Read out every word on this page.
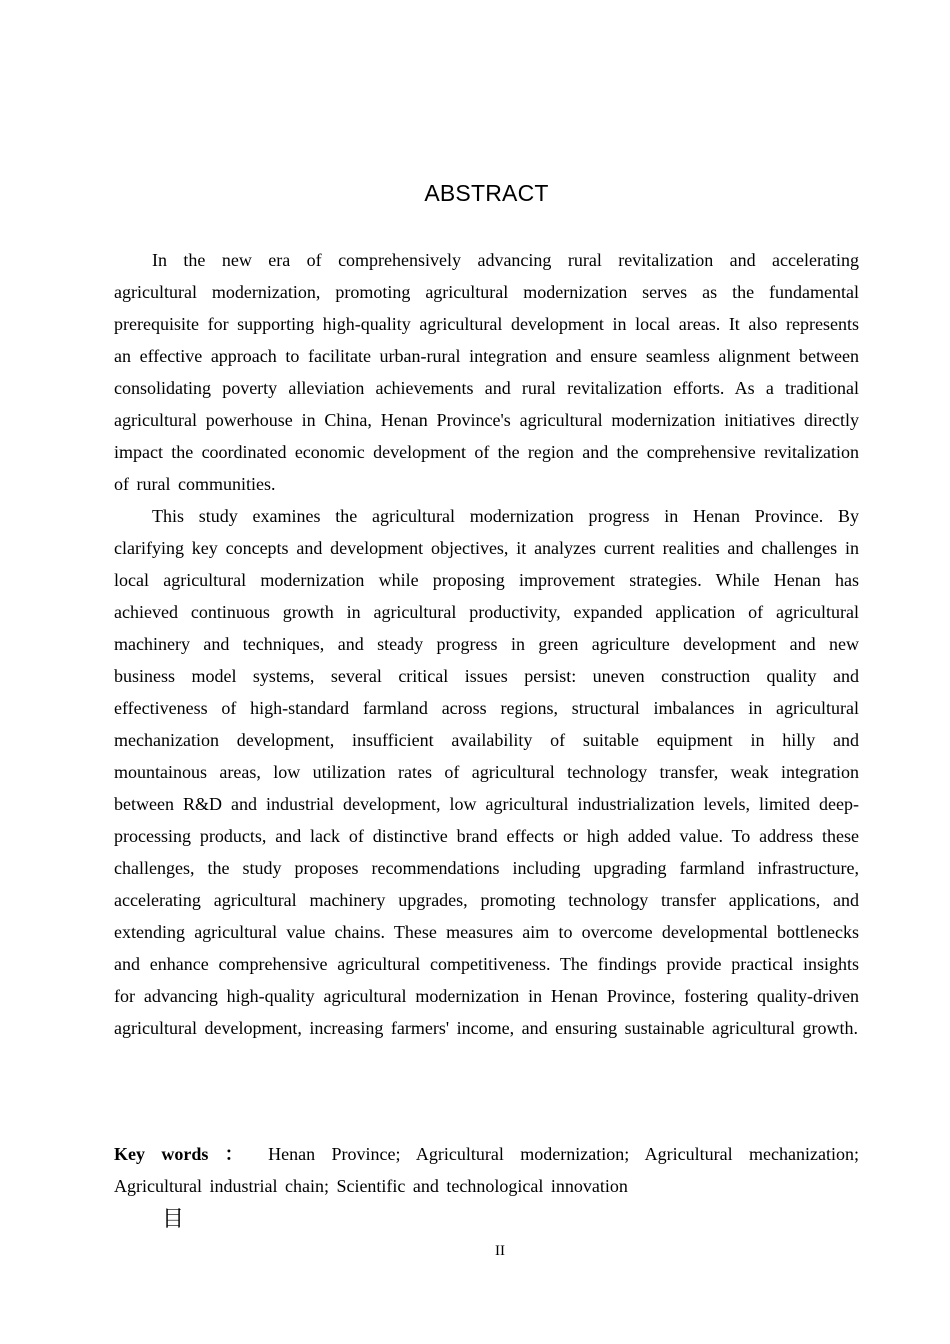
ABSTRACT

In the new era of comprehensively advancing rural revitalization and accelerating agricultural modernization, promoting agricultural modernization serves as the fundamental prerequisite for supporting high-quality agricultural development in local areas. It also represents an effective approach to facilitate urban-rural integration and ensure seamless alignment between consolidating poverty alleviation achievements and rural revitalization efforts. As a traditional agricultural powerhouse in China, Henan Province's agricultural modernization initiatives directly impact the coordinated economic development of the region and the comprehensive revitalization of rural communities.

This study examines the agricultural modernization progress in Henan Province. By clarifying key concepts and development objectives, it analyzes current realities and challenges in local agricultural modernization while proposing improvement strategies. While Henan has achieved continuous growth in agricultural productivity, expanded application of agricultural machinery and techniques, and steady progress in green agriculture development and new business model systems, several critical issues persist: uneven construction quality and effectiveness of high-standard farmland across regions, structural imbalances in agricultural mechanization development, insufficient availability of suitable equipment in hilly and mountainous areas, low utilization rates of agricultural technology transfer, weak integration between R&D and industrial development, low agricultural industrialization levels, limited deep-processing products, and lack of distinctive brand effects or high added value. To address these challenges, the study proposes recommendations including upgrading farmland infrastructure, accelerating agricultural machinery upgrades, promoting technology transfer applications, and extending agricultural value chains. These measures aim to overcome developmental bottlenecks and enhance comprehensive agricultural competitiveness. The findings provide practical insights for advancing high-quality agricultural modernization in Henan Province, fostering quality-driven agricultural development, increasing farmers' income, and ensuring sustainable agricultural growth.

Key words ： Henan Province; Agricultural modernization; Agricultural mechanization; Agricultural industrial chain; Scientific and technological innovation

目
II
